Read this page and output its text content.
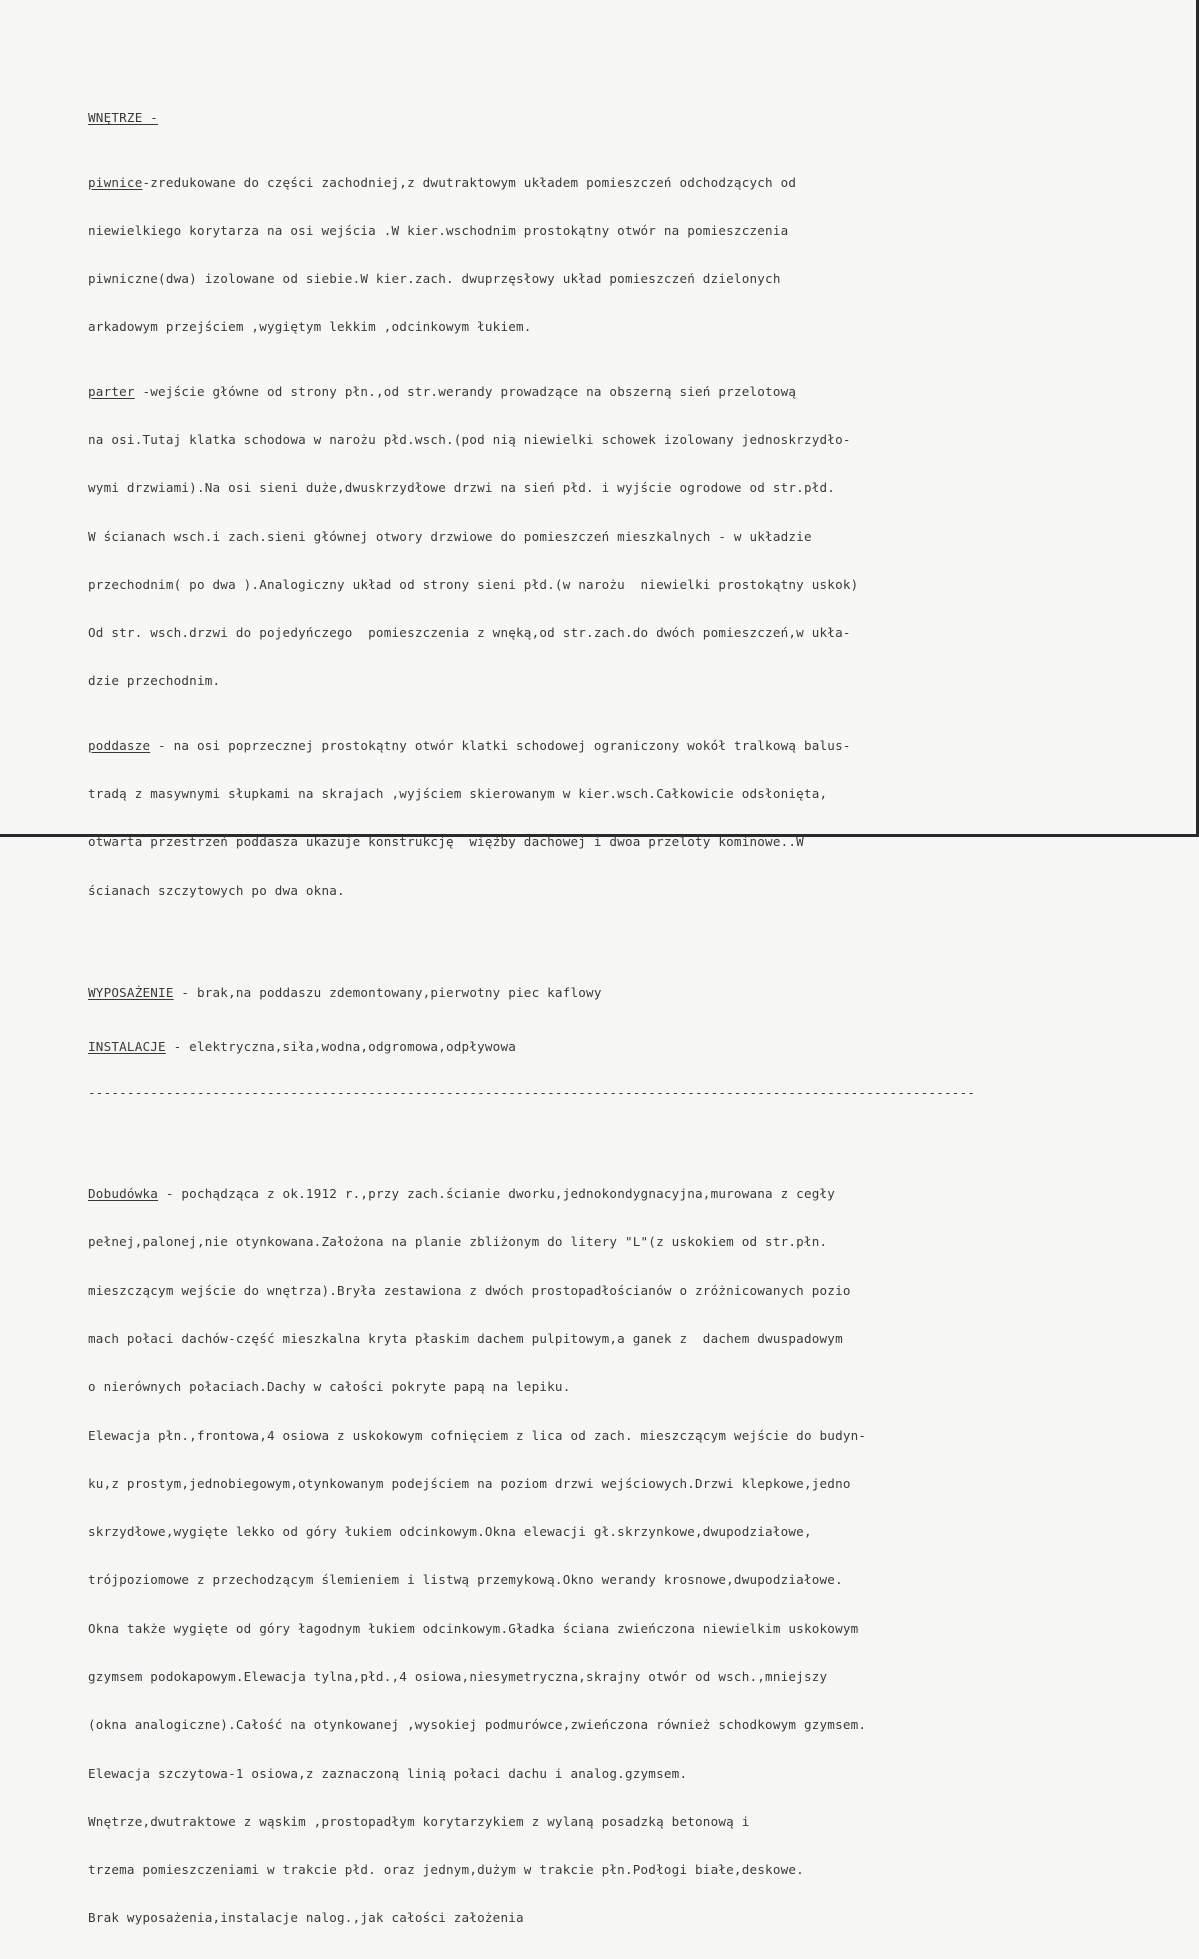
WNĘTRZE -

piwnice-zredukowane do części zachodniej,z dwutraktowym układem pomieszczeń odchodzących od

niewielkiego korytarza na osi wejścia .W kier.wschodnim prostokątny otwór na pomieszczenia

piwniczne(dwa) izolowane od siebie.W kier.zach. dwuprzęsłowy układ pomieszczeń dzielonych

arkadowym przejściem ,wygiętym lekkim ,odcinkowym łukiem.

parter -wejście główne od strony płn.,od str.werandy prowadzące na obszerną sień przelotową

na osi.Tutaj klatka schodowa w narożu płd.wsch.(pod nią niewielki schowek izolowany jednoskrzydło-

wymi drzwiami).Na osi sieni duże,dwuskrzydłowe drzwi na sień płd. i wyjście ogrodowe od str.płd.

W ścianach wsch.i zach.sieni głównej otwory drzwiowe do pomieszczeń mieszkalnych - w układzie

przechodnim( po dwa ).Analogiczny układ od strony sieni płd.(w narożu  niewielki prostokątny uskok)

Od str. wsch.drzwi do pojedyńczego  pomieszczenia z wnęką,od str.zach.do dwóch pomieszczeń,w ukła-

dzie przechodnim.

poddasze - na osi poprzecznej prostokątny otwór klatki schodowej ograniczony wokół tralkową balus-

tradą z masywnymi słupkami na skrajach ,wyjściem skierowanym w kier.wsch.Całkowicie odsłonięta,

otwarta przestrzeń poddasza ukazuje konstrukcję  więźby dachowej i dwoa przeloty kominowe..W

ścianach szczytowych po dwa okna.

WYPOSAŻENIE - brak,na poddaszu zdemontowany,pierwotny piec kaflowy

INSTALACJE - elektryczna,siła,wodna,odgromowa,odpływowa

------------------------------------------------------------------------------------------------------------------

Dobudówka - pochądząca z ok.1912 r.,przy zach.ścianie dworku,jednokondygnacyjna,murowana z cegły

pełnej,palonej,nie otynkowana.Założona na planie zbliżonym do litery "L"(z uskokiem od str.płn.

mieszczącym wejście do wnętrza).Bryła zestawiona z dwóch prostopadłościanów o zróżnicowanych pozio

mach połaci dachów-część mieszkalna kryta płaskim dachem pulpitowym,a ganek z  dachem dwuspadowym

o nierównych połaciach.Dachy w całości pokryte papą na lepiku.

Elewacja płn.,frontowa,4 osiowa z uskokowym cofnięciem z lica od zach. mieszczącym wejście do budyn-

ku,z prostym,jednobiegowym,otynkowanym podejściem na poziom drzwi wejściowych.Drzwi klepkowe,jedno

skrzydłowe,wygięte lekko od góry łukiem odcinkowym.Okna elewacji gł.skrzynkowe,dwupodziałowe,

trójpoziomowe z przechodzącym ślemieniem i listwą przemykową.Okno werandy krosnowe,dwupodziałowe.

Okna także wygięte od góry łagodnym łukiem odcinkowym.Gładka ściana zwieńczona niewielkim uskokowym

gzymsem podokapowym.Elewacja tylna,płd.,4 osiowa,niesymetryczna,skrajny otwór od wsch.,mniejszy

(okna analogiczne).Całość na otynkowanej ,wysokiej podmurówce,zwieńczona również schodkowym gzymsem.

Elewacja szczytowa-1 osiowa,z zaznaczoną linią połaci dachu i analog.gzymsem.

Wnętrze,dwutraktowe z wąskim ,prostopadłym korytarzykiem z wylaną posadzką betonową i

trzema pomieszczeniami w trakcie płd. oraz jednym,dużym w trakcie płn.Podłogi białe,deskowe.

Brak wyposażenia,instalacje nalog.,jak całości założenia
